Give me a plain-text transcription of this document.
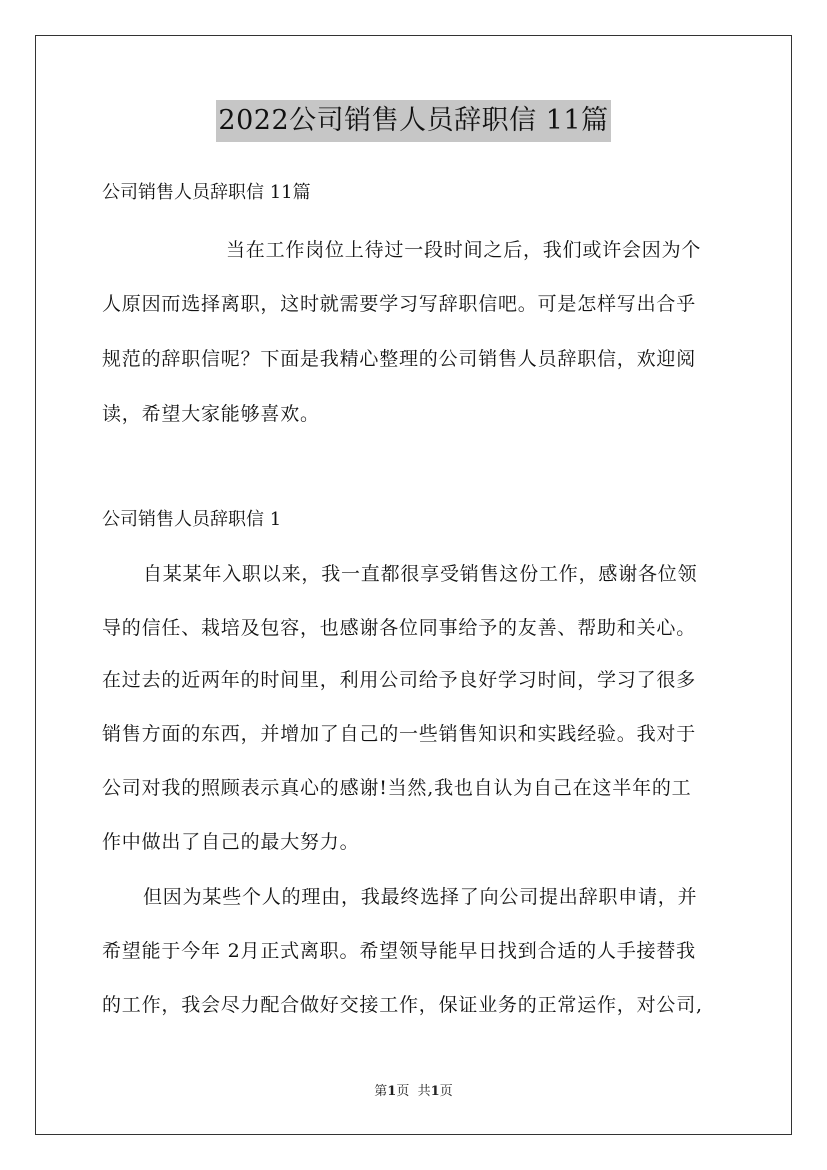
2022公司销售人员辞职信 11篇
公司销售人员辞职信 11篇
当在工作岗位上待过一段时间之后，我们或许会因为个
人原因而选择离职，这时就需要学习写辞职信吧。可是怎样写出合乎
规范的辞职信呢？下面是我精心整理的公司销售人员辞职信，欢迎阅
读，希望大家能够喜欢。
公司销售人员辞职信 1
自某某年入职以来，我一直都很享受销售这份工作，感谢各位领
导的信任、栽培及包容，也感谢各位同事给予的友善、帮助和关心。
在过去的近两年的时间里，利用公司给予良好学习时间，学习了很多
销售方面的东西，并增加了自己的一些销售知识和实践经验。我对于
公司对我的照顾表示真心的感谢!当然,我也自认为自己在这半年的工
作中做出了自己的最大努力。
但因为某些个人的理由，我最终选择了向公司提出辞职申请，并
希望能于今年 2月正式离职。希望领导能早日找到合适的人手接替我
的工作，我会尽力配合做好交接工作，保证业务的正常运作，对公司,
第1页 共1页
